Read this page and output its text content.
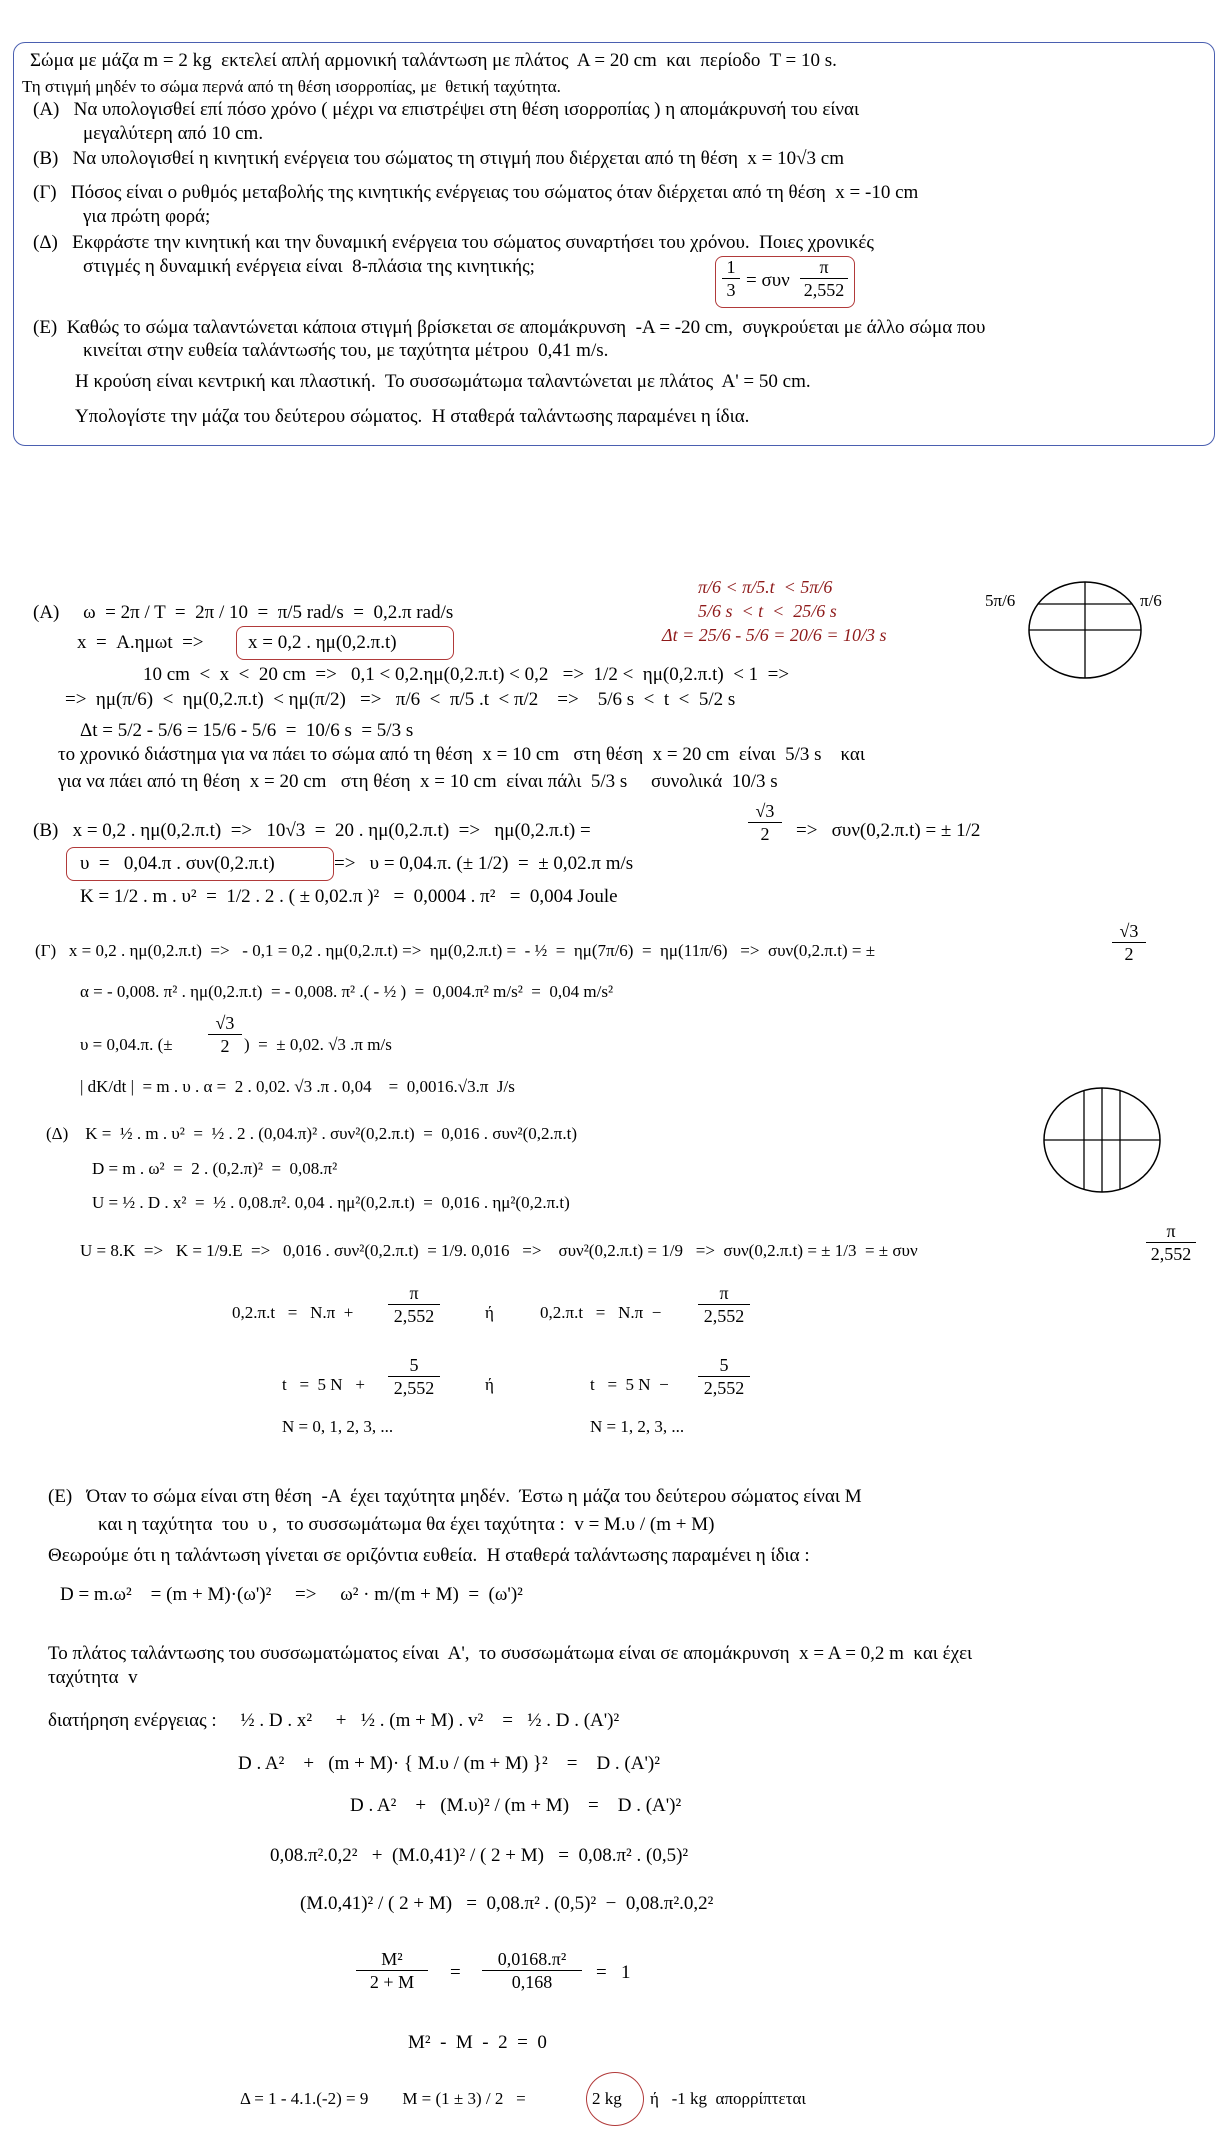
Σώμα με μάζα m = 2 kg  εκτελεί απλή αρμονική ταλάντωση με πλάτος  Α = 20 cm  και  περίοδο  Τ = 10 s.
Τη στιγμή μηδέν το σώμα περνά από τη θέση ισορροπίας, με  θετική ταχύτητα.
(Α)   Να υπολογισθεί επί πόσο χρόνο ( μέχρι να επιστρέψει στη θέση ισορροπίας ) η απομάκρυνσή του είναι
μεγαλύτερη από 10 cm.
(Β)   Να υπολογισθεί η κινητική ενέργεια του σώματος τη στιγμή που διέρχεται από τη θέση  x = 10√3 cm
(Γ)   Πόσος είναι ο ρυθμός μεταβολής της κινητικής ενέργειας του σώματος όταν διέρχεται από τη θέση  x = -10 cm
για πρώτη φορά;
(Δ)   Εκφράστε την κινητική και την δυναμική ενέργεια του σώματος συναρτήσει του χρόνου.  Ποιες χρονικές
στιγμές η δυναμική ενέργεια είναι  8-πλάσια της κινητικής;	1
3 = συν
π
2,552
(Ε)  Καθώς το σώμα ταλαντώνεται κάποια στιγμή βρίσκεται σε απομάκρυνση  -Α = -20 cm,  συγκρούεται με άλλο σώμα που
κινείται στην ευθεία ταλάντωσής του, με ταχύτητα μέτρου  0,41 m/s.
Η κρούση είναι κεντρική και πλαστική.  Το συσσωμάτωμα ταλαντώνεται με πλάτος  Α' = 50 cm.
Υπολογίστε την μάζα του δεύτερου σώματος.  Η σταθερά ταλάντωσης παραμένει η ίδια.
π/6 < π/5.t  < 5π/6
5/6 s  < t  <  25/6 s
Δt = 25/6 - 5/6 = 20/6 = 10/3 s
5π/6	π/6
(Α)     ω  = 2π / Τ  =  2π / 10  =  π/5 rad/s  =  0,2.π rad/s
x  =  Α.ημωt  => x = 0,2 . ημ(0,2.π.t)
10 cm  <  x  <  20 cm  =>   0,1 < 0,2.ημ(0,2.π.t) < 0,2   =>  1/2 <  ημ(0,2.π.t)  < 1  =>
=>  ημ(π/6)  <  ημ(0,2.π.t)  < ημ(π/2)   =>   π/6  <  π/5 .t  < π/2    =>    5/6 s  <  t  <  5/2 s
Δt = 5/2 - 5/6 = 15/6 - 5/6  =  10/6 s  = 5/3 s
το χρονικό διάστημα για να πάει το σώμα από τη θέση  x = 10 cm   στη θέση  x = 20 cm  είναι  5/3 s    και
για να πάει από τη θέση  x = 20 cm   στη θέση  x = 10 cm  είναι πάλι  5/3 s     συνολικά  10/3 s
(Β)   x = 0,2 . ημ(0,2.π.t)  =>   10√3  =  20 . ημ(0,2.π.t)  =>   ημ(0,2.π.t) =
√3
2	=>   συν(0,2.π.t) = ± 1/2
υ  =   0,04.π . συν(0,2.π.t)	=>   υ = 0,04.π. (± 1/2)  =  ± 0,02.π m/s
K = 1/2 . m . υ²  =  1/2 . 2 . ( ± 0,02.π )²   =  0,0004 . π²   =  0,004 Joule
(Γ)   x = 0,2 . ημ(0,2.π.t)  =>   - 0,1 = 0,2 . ημ(0,2.π.t) =>  ημ(0,2.π.t) =  - ½  =  ημ(7π/6)  =  ημ(11π/6)   =>  συν(0,2.π.t) = ±
√3
2
α = - 0,008. π² . ημ(0,2.π.t)  = - 0,008. π² .( - ½ )  =  0,004.π² m/s²  =  0,04 m/s²
υ = 0,04.π. (±
√3
2 )  =  ± 0,02. √3 .π m/s
| dK/dt |  = m . υ . α =  2 . 0,02. √3 .π . 0,04    =  0,0016.√3.π  J/s
(Δ)    K =  ½ . m . υ²  =  ½ . 2 . (0,04.π)² . συν²(0,2.π.t)  =  0,016 . συν²(0,2.π.t)
D = m . ω²  =  2 . (0,2.π)²  =  0,08.π²
U = ½ . D . x²  =  ½ . 0,08.π². 0,04 . ημ²(0,2.π.t)  =  0,016 . ημ²(0,2.π.t)
U = 8.K  =>   K = 1/9.E  =>   0,016 . συν²(0,2.π.t)  = 1/9. 0,016   =>    συν²(0,2.π.t) = 1/9   =>  συν(0,2.π.t) = ± 1/3  = ± συν
π
2,552
0,2.π.t   =   N.π  +
π
2,552	ή	0,2.π.t   =   N.π  −
π
2,552
t   =  5 N   +
5
2,552	ή	t   =  5 N  −
5
2,552
N = 0, 1, 2, 3, ...	N = 1, 2, 3, ...
(Ε)   Όταν το σώμα είναι στη θέση  -Α  έχει ταχύτητα μηδέν.  Έστω η μάζα του δεύτερου σώματος είναι Μ
και η ταχύτητα  του  υ ,  το συσσωμάτωμα θα έχει ταχύτητα :  v = M.υ / (m + M)
Θεωρούμε ότι η ταλάντωση γίνεται σε οριζόντια ευθεία.  Η σταθερά ταλάντωσης παραμένει η ίδια :
D = m.ω²    = (m + M)·(ω')²     =>     ω² · m/(m + M)  =  (ω')²
Το πλάτος ταλάντωσης του συσσωματώματος είναι  Α',  το συσσωμάτωμα είναι σε απομάκρυνση  x = A = 0,2 m  και έχει
ταχύτητα  v
διατήρηση ενέργειας :     ½ . D . x²     +   ½ . (m + M) . v²    =   ½ . D . (A')²
D . A²    +   (m + M)· { M.υ / (m + M) }²    =    D . (A')²
D . A²    +   (M.υ)² / (m + M)    =    D . (A')²
0,08.π².0,2²   +  (M.0,41)² / ( 2 + M)   =  0,08.π² . (0,5)²
(M.0,41)² / ( 2 + M)   =  0,08.π² . (0,5)²  −  0,08.π².0,2²
M²
2 + M	=
0,0168.π²
0,168	=   1
M²  -  M  -  2  =  0
Δ = 1 - 4.1.(-2) = 9        M = (1 ± 3) / 2   =	2 kg ή   -1 kg  απορρίπτεται
